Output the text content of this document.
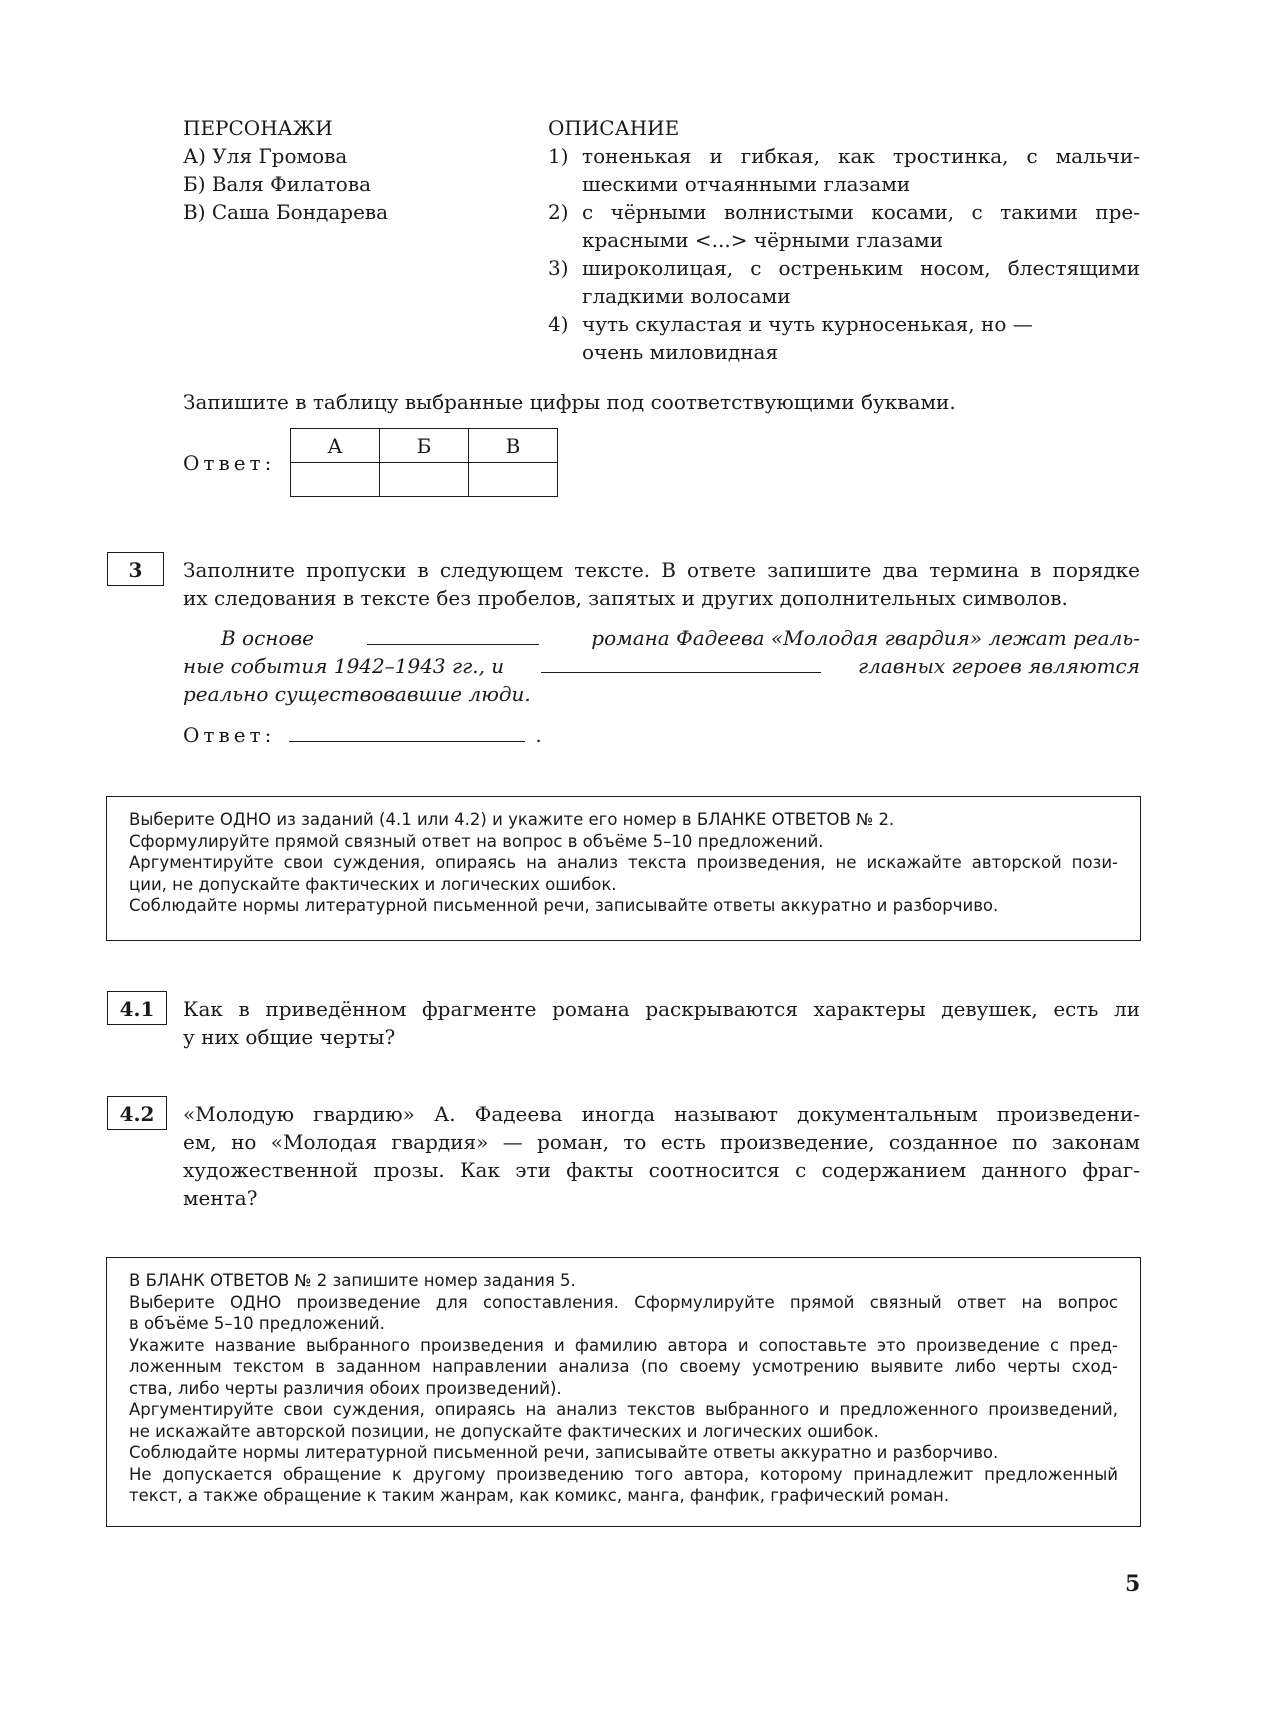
ПЕРСОНАЖИ
А) Уля Громова
Б) Валя Филатова
В) Саша Бондарева
ОПИСАНИЕ
1) тоненькая и гибкая, как тростинка, с мальчи-
шескими отчаянными глазами
2) с чёрными волнистыми косами, с такими пре-
красными <...> чёрными глазами
3) широколицая, с остреньким носом, блестящими
гладкими волосами
4) чуть скуластая и чуть курносенькая, но —
очень миловидная
Запишите в таблицу выбранные цифры под соответствующими буквами.
Ответ:
А	Б	В

3	Заполните пропуски в следующем тексте. В ответе запишите два термина в порядке
их следования в тексте без пробелов, запятых и других дополнительных символов.
В основе	романа Фадеева «Молодая гвардия» лежат реаль-
ные события 1942–1943 гг., и	главных героев являются
реально существовавшие люди.
Ответ:	.
Выберите ОДНО из заданий (4.1 или 4.2) и укажите его номер в БЛАНКЕ ОТВЕТОВ № 2.
Сформулируйте прямой связный ответ на вопрос в объёме 5–10 предложений.
Аргументируйте свои суждения, опираясь на анализ текста произведения, не искажайте авторской пози-
ции, не допускайте фактических и логических ошибок.
Соблюдайте нормы литературной письменной речи, записывайте ответы аккуратно и разборчиво.
4.1	Как в приведённом фрагменте романа раскрываются характеры девушек, есть ли
у них общие черты?
4.2	«Молодую гвардию» А. Фадеева иногда называют документальным произведени-
ем, но «Молодая гвардия» — роман, то есть произведение, созданное по законам
художественной прозы. Как эти факты соотносится с содержанием данного фраг-
мента?
В БЛАНК ОТВЕТОВ № 2 запишите номер задания 5.
Выберите ОДНО произведение для сопоставления. Сформулируйте прямой связный ответ на вопрос
в объёме 5–10 предложений.
Укажите название выбранного произведения и фамилию автора и сопоставьте это произведение с пред-
ложенным текстом в заданном направлении анализа (по своему усмотрению выявите либо черты сход-
ства, либо черты различия обоих произведений).
Аргументируйте свои суждения, опираясь на анализ текстов выбранного и предложенного произведений,
не искажайте авторской позиции, не допускайте фактических и логических ошибок.
Соблюдайте нормы литературной письменной речи, записывайте ответы аккуратно и разборчиво.
Не допускается обращение к другому произведению того автора, которому принадлежит предложенный
текст, а также обращение к таким жанрам, как комикс, манга, фанфик, графический роман.
5
